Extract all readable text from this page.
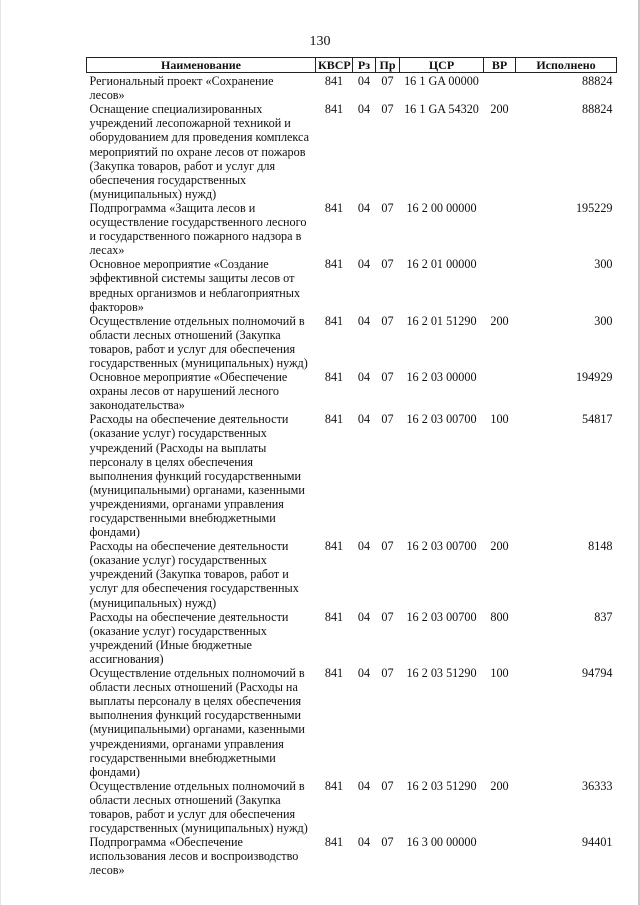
130
Наименование	КВСР	Рз	Пр	ЦСР	ВР	Исполнено
Региональный проект «Сохранение лесов»	841	04	07	16 1 GA 00000		88824
Оснащение специализированных учреждений лесопожарной техникой и оборудованием для проведения комплекса мероприятий по охране лесов от пожаров (Закупка товаров, работ и услуг для обеспечения государственных (муниципальных) нужд)	841	04	07	16 1 GA 54320	200	88824
Подпрограмма «Защита лесов и осуществление государственного лесного и государственного пожарного надзора в лесах»	841	04	07	16 2 00 00000		195229
Основное мероприятие «Создание эффективной системы защиты лесов от вредных организмов и неблагоприятных факторов»	841	04	07	16 2 01 00000		300
Осуществление отдельных полномочий в области лесных отношений (Закупка товаров, работ и услуг для обеспечения государственных (муниципальных) нужд)	841	04	07	16 2 01 51290	200	300
Основное мероприятие «Обеспечение охраны лесов от нарушений лесного законодательства»	841	04	07	16 2 03 00000		194929
Расходы на обеспечение деятельности (оказание услуг) государственных учреждений (Расходы на выплаты персоналу в целях обеспечения выполнения функций государственными (муниципальными) органами, казенными учреждениями, органами управления государственными внебюджетными фондами)	841	04	07	16 2 03 00700	100	54817
Расходы на обеспечение деятельности (оказание услуг) государственных учреждений (Закупка товаров, работ и услуг для обеспечения государственных (муниципальных) нужд)	841	04	07	16 2 03 00700	200	8148
Расходы на обеспечение деятельности (оказание услуг) государственных учреждений (Иные бюджетные ассигнования)	841	04	07	16 2 03 00700	800	837
Осуществление отдельных полномочий в области лесных отношений (Расходы на выплаты персоналу в целях обеспечения выполнения функций государственными (муниципальными) органами, казенными учреждениями, органами управления государственными внебюджетными фондами)	841	04	07	16 2 03 51290	100	94794
Осуществление отдельных полномочий в области лесных отношений (Закупка товаров, работ и услуг для обеспечения государственных (муниципальных) нужд)	841	04	07	16 2 03 51290	200	36333
Подпрограмма «Обеспечение использования лесов и воспроизводство лесов»	841	04	07	16 3 00 00000		94401
